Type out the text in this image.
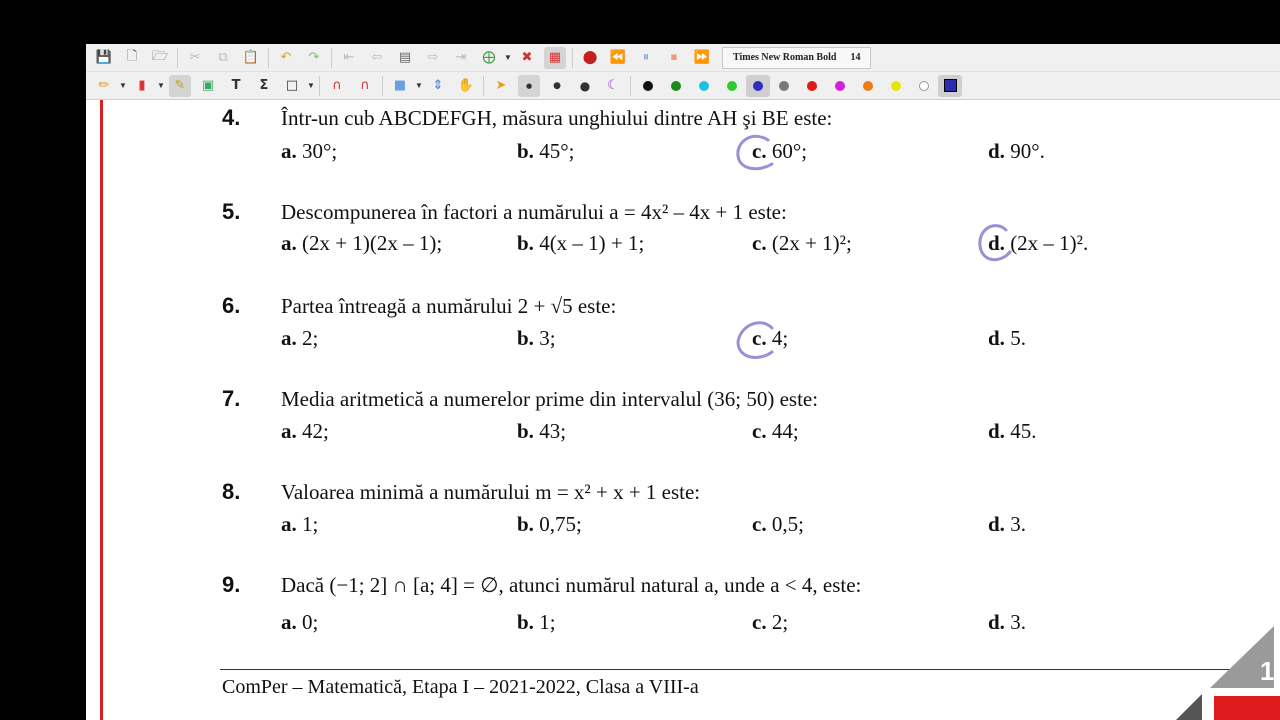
💾	🗋	🗁	✂	⧉	📋	↶	↷	⇤	⇦	▤	⇨	⇥	⨁	▼ ✖	▦	⬤ ⏪	⏸	⏹	⏩ Times New Roman Bold 14
✏	▼ ▮	▼ ✎	▣	T	Σ	□	▼	∩	∩	■	▼ ⇕	✋	➤	●	●	●	☾
4. Într-un cub ABCDEFGH, măsura unghiului dintre AH şi BE este:
a. 30°;	b. 45°;	c. 60°;	d. 90°.
5. Descompunerea în factori a numărului a = 4x² – 4x + 1 este:
a. (2x + 1)(2x – 1);	b. 4(x – 1) + 1;	c. (2x + 1)²;	d. (2x – 1)².
6. Partea întreagă a numărului 2 + √5 este:
a. 2;	b. 3;	c. 4;	d. 5.
7. Media aritmetică a numerelor prime din intervalul (36; 50) este:
a. 42;	b. 43;	c. 44;	d. 45.
8. Valoarea minimă a numărului m = x² + x + 1 este:
a. 1;	b. 0,75;	c. 0,5;	d. 3.
9. Dacă (−1; 2] ∩ [a; 4] = ∅, atunci numărul natural a, unde a < 4, este:
a. 0;	b. 1;	c. 2;	d. 3.
ComPer – Matematică, Etapa I – 2021-2022, Clasa a VIII-a
1
